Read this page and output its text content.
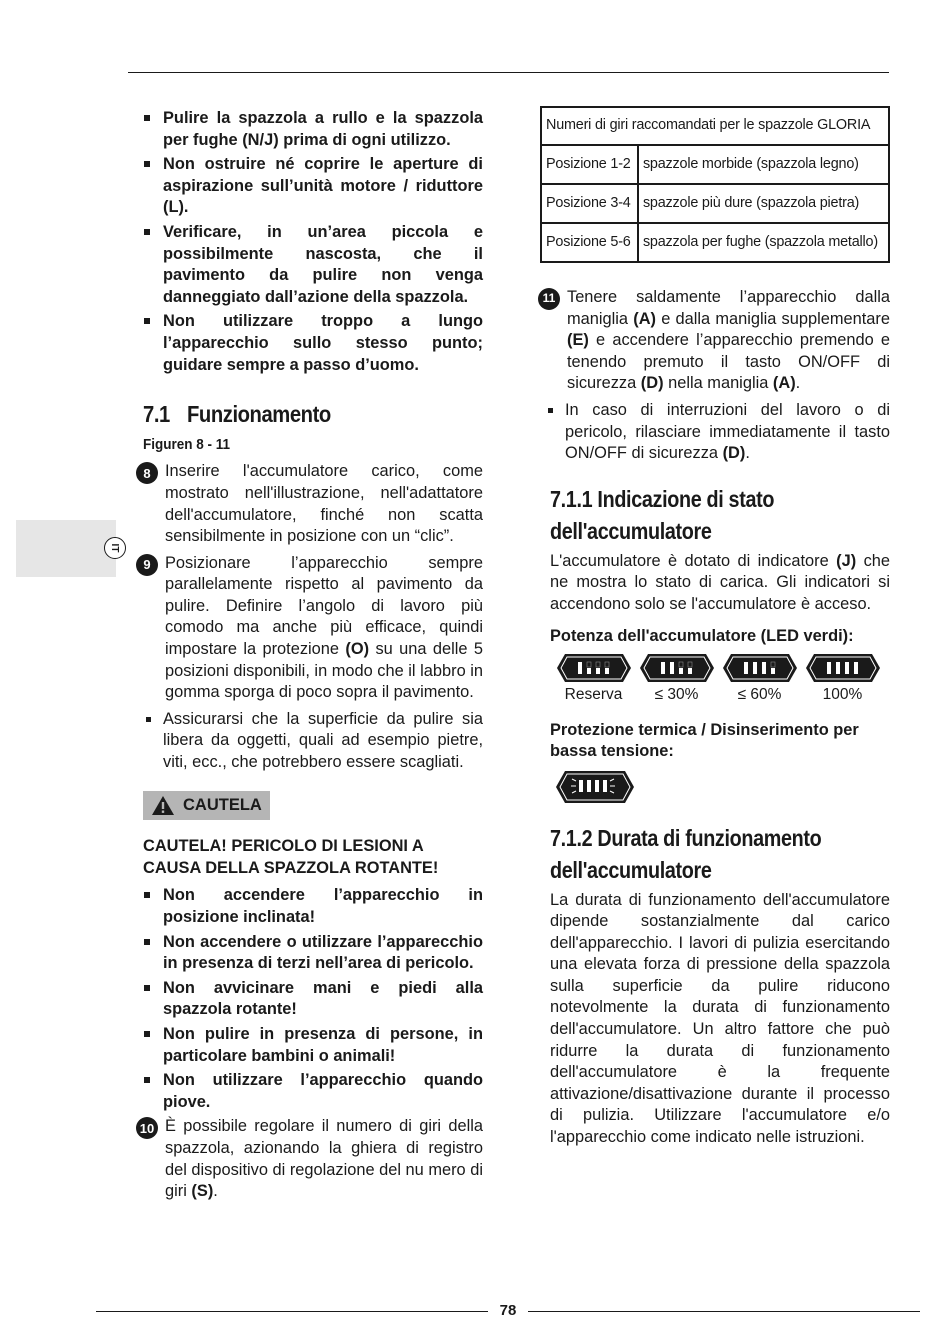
IT
Pulire la spazzola a rullo e la spazzola per fughe (N/J) prima di ogni utilizzo.
Non ostruire né coprire le aperture di aspirazione sull’unità motore / riduttore (L).
Verificare, in un’area piccola e possibilmente nascosta, che il pavimento da pulire non venga danneggiato dall’azione della spazzola.
Non utilizzare troppo a lungo l’apparecchio sullo stesso punto; guidare sempre a passo d’uomo.
7.1 Funzionamento
Figuren 8 - 11
8 Inserire l'accumulatore carico, come mostrato nell'illustrazione, nell'adattatore dell'accumulatore, finché non scatta sensibilmente in posizione con un “clic”.
9 Posizionare l’apparecchio sempre parallelamente rispetto al pavimento da pulire. Definire l’angolo di lavoro più comodo ma anche più efficace, quindi impostare la protezione (O) su una delle 5 posizioni disponibili, in modo che il labbro in gomma sporga di poco sopra il pavimento.
Assicurarsi che la superficie da pulire sia libera da oggetti, quali ad esempio pietre, viti, ecc., che potrebbero essere scagliati.
CAUTELA
CAUTELA! PERICOLO DI LESIONI A CAUSA DELLA SPAZZOLA ROTANTE!
Non accendere l’apparecchio in posizione inclinata!
Non accendere o utilizzare l’apparecchio in presenza di terzi nell’area di pericolo.
Non avvicinare mani e piedi alla spazzola rotante!
Non pulire in presenza di persone, in particolare bambini o animali!
Non utilizzare l’apparecchio quando piove.
10 È possibile regolare il numero di giri della spazzola, azionando la ghiera di registro del dispositivo di regolazione del nu mero di giri (S).
Numeri di giri raccomandati per le spazzole GLORIA	
Posizione 1-2	spazzole morbide (spazzola legno)
Posizione 3-4	spazzole più dure (spazzola pietra)
Posizione 5-6	spazzola per fughe (spazzola metallo)
11 Tenere saldamente l’apparecchio dalla maniglia (A) e dalla maniglia supplementare (E) e accendere l’apparecchio premendo e tenendo premuto il tasto ON/OFF di sicurezza (D) nella maniglia (A).
In caso di interruzioni del lavoro o di pericolo, rilasciare immediatamente il tasto ON/OFF di sicurezza (D).
7.1.1 Indicazione di stato dell'accumulatore
L'accumulatore è dotato di indicatore (J) che ne mostra lo stato di carica. Gli indicatori si accendono solo se l'accumulatore è acceso.
Potenza dell'accumulatore (LED verdi):
Reserva ≤ 30%	≤ 60%	100%
Protezione termica / Disinserimento per bassa tensione:
7.1.2 Durata di funzionamento dell'accumulatore
La durata di funzionamento dell'accumulatore dipende sostanzialmente dal carico dell'apparecchio. I lavori di pulizia esercitando una elevata forza di pressione della spazzola sulla superficie da pulire riducono notevolmente la durata di funzionamento dell'accumulatore. Un altro fattore che può ridurre la durata di funzionamento dell'accumulatore è la frequente attivazione/disattivazione durante il processo di pulizia. Utilizzare l'accumulatore e/o l'apparecchio come indicato nelle istruzioni.
78
